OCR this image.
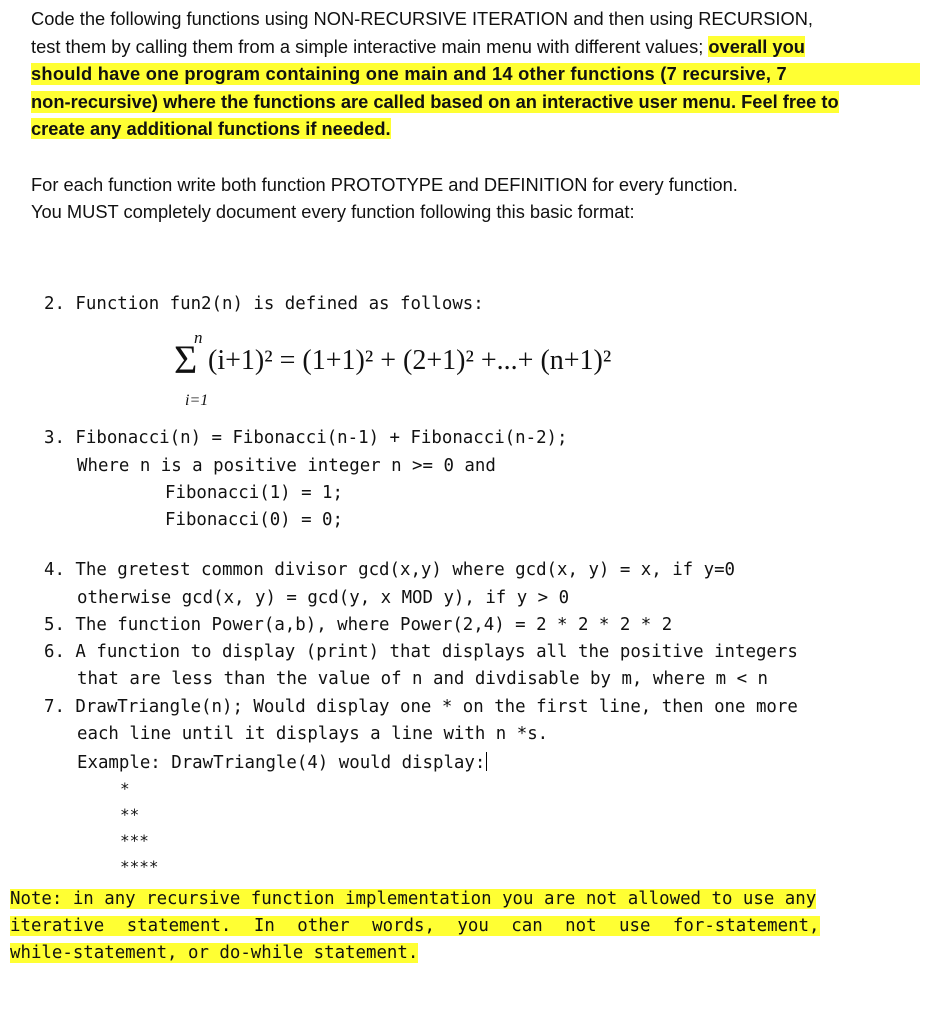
Code the following functions using NON-RECURSIVE ITERATION and then using RECURSION,
test them by calling them from a simple interactive main menu with different values; overall you
should have one program containing one main and 14 other functions (7 recursive, 7
non-recursive) where the functions are called based on an interactive user menu. Feel free to
create any additional functions if needed.
For each function write both function PROTOTYPE and DEFINITION for every function.
You MUST completely document every function following this basic format:
2. Function fun2(n) is defined as follows:
n
Σ
i=1
(i+1)² = (1+1)² + (2+1)² +...+ (n+1)²
3. Fibonacci(n) = Fibonacci(n-1) + Fibonacci(n-2);
Where n is a positive integer n >= 0 and
Fibonacci(1) = 1;
Fibonacci(0) = 0;
4. The gretest common divisor gcd(x,y) where gcd(x, y) = x, if y=0
otherwise gcd(x, y) = gcd(y, x MOD y), if y > 0
5. The function Power(a,b), where Power(2,4) = 2 * 2 * 2 * 2
6. A function to display (print) that displays all the positive integers
that are less than the value of n and divdisable by m, where m < n
7. DrawTriangle(n); Would display one * on the first line, then one more
each line until it displays a line with n *s.
Example: DrawTriangle(4) would display:
*
**
***
****
Note: in any recursive function implementation you are not allowed to use any
iterative statement. In other words, you can not use for-statement,
while-statement, or do-while statement.
